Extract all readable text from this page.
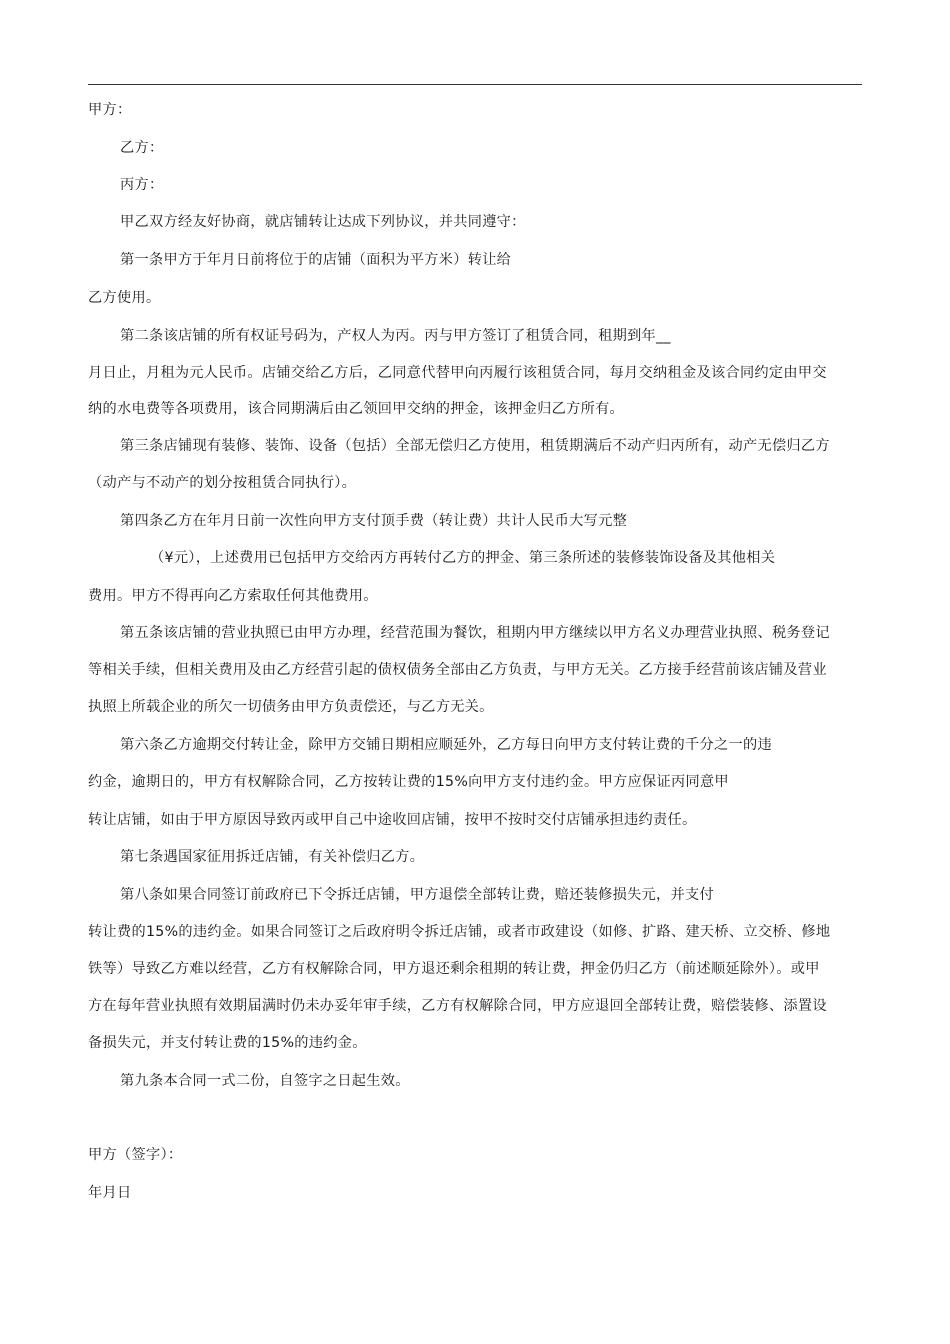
甲方：
乙方：
丙方：
甲乙双方经友好协商，就店铺转让达成下列协议，并共同遵守：
第一条甲方于年月日前将位于的店铺（面积为平方米）转让给
乙方使用。
第二条该店铺的所有权证号码为，产权人为丙。丙与甲方签订了租赁合同，租期到年__
月日止，月租为元人民币。店铺交给乙方后，乙同意代替甲向丙履行该租赁合同，每月交纳租金及该合同约定由甲交
纳的水电费等各项费用，该合同期满后由乙领回甲交纳的押金，该押金归乙方所有。
第三条店铺现有装修、装饰、设备（包括）全部无偿归乙方使用，租赁期满后不动产归丙所有，动产无偿归乙方
（动产与不动产的划分按租赁合同执行）。
第四条乙方在年月日前一次性向甲方支付顶手费（转让费）共计人民币大写元整
（¥元），上述费用已包括甲方交给丙方再转付乙方的押金、第三条所述的装修装饰设备及其他相关
费用。甲方不得再向乙方索取任何其他费用。
第五条该店铺的营业执照已由甲方办理，经营范围为餐饮，租期内甲方继续以甲方名义办理营业执照、税务登记
等相关手续，但相关费用及由乙方经营引起的债权债务全部由乙方负责，与甲方无关。乙方接手经营前该店铺及营业
执照上所载企业的所欠一切债务由甲方负责偿还，与乙方无关。
第六条乙方逾期交付转让金，除甲方交铺日期相应顺延外，乙方每日向甲方支付转让费的千分之一的违
约金，逾期日的，甲方有权解除合同，乙方按转让费的15%向甲方支付违约金。甲方应保证丙同意甲
转让店铺，如由于甲方原因导致丙或甲自己中途收回店铺，按甲不按时交付店铺承担违约责任。
第七条遇国家征用拆迁店铺，有关补偿归乙方。
第八条如果合同签订前政府已下令拆迁店铺，甲方退偿全部转让费，赔还装修损失元，并支付
转让费的15%的违约金。如果合同签订之后政府明令拆迁店铺，或者市政建设（如修、扩路、建天桥、立交桥、修地
铁等）导致乙方难以经营，乙方有权解除合同，甲方退还剩余租期的转让费，押金仍归乙方（前述顺延除外）。或甲
方在每年营业执照有效期届满时仍未办妥年审手续，乙方有权解除合同，甲方应退回全部转让费，赔偿装修、添置设
备损失元，并支付转让费的15%的违约金。
第九条本合同一式二份，自签字之日起生效。
甲方（签字）：
年月日
